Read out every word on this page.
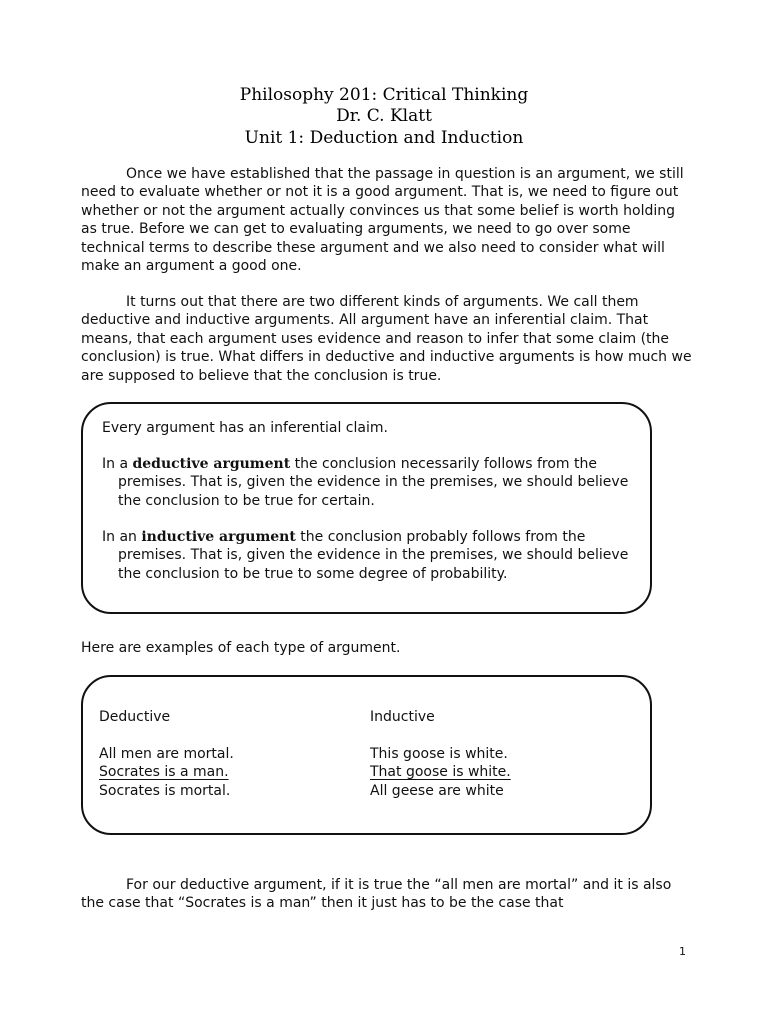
Philosophy 201: Critical Thinking
Dr. C. Klatt
Unit 1: Deduction and Induction

Once we have established that the passage in question is an argument, we still need to evaluate whether or not it is a good argument. That is, we need to figure out whether or not the argument actually convinces us that some belief is worth holding as true. Before we can get to evaluating arguments, we need to go over some technical terms to describe these argument and we also need to consider what will make an argument a good one.

It turns out that there are two different kinds of arguments. We call them deductive and inductive arguments. All argument have an inferential claim. That means, that each argument uses evidence and reason to infer that some claim (the conclusion) is true. What differs in deductive and inductive arguments is how much we are supposed to believe that the conclusion is true.

Every argument has an inferential claim.

In a deductive argument the conclusion necessarily follows from the premises. That is, given the evidence in the premises, we should believe the conclusion to be true for certain.

In an inductive argument the conclusion probably follows from the premises. That is, given the evidence in the premises, we should believe the conclusion to be true to some degree of probability.

Here are examples of each type of argument.
Deductive
All men are mortal.
Socrates is a man.
Socrates is mortal.
Inductive
This goose is white.
That goose is white.
All geese are white

For our deductive argument, if it is true the “all men are mortal” and it is also the case that “Socrates is a man” then it just has to be the case that

1
